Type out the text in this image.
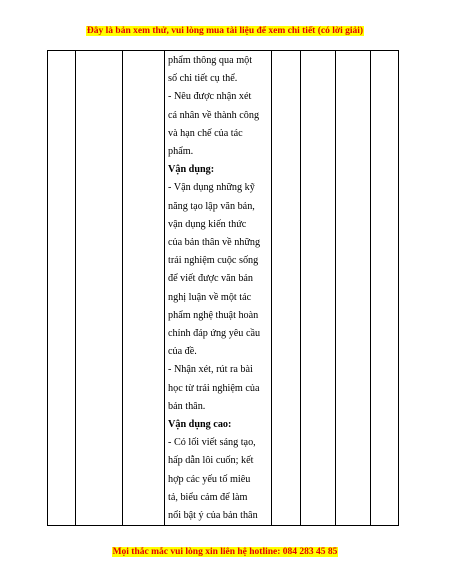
Đây là bản xem thử, vui lòng mua tài liệu để xem chi tiết (có lời giải)

phẩm thông qua một

số chi tiết cụ thể.

- Nêu được nhận xét

cá nhân về thành công

và hạn chế của tác

phẩm.

Vận dụng:

- Vận dụng những kỹ

năng tạo lập văn bản,

vận dụng kiến thức

của bản thân về những

trải nghiệm cuộc sống

để viết được văn bản

nghị luận về một tác

phẩm nghệ thuật hoàn

chỉnh đáp ứng yêu cầu

của đề.

- Nhận xét, rút ra bài

học từ trải nghiệm của

bản thân.

Vận dụng cao:

- Có lối viết sáng tạo,

hấp dẫn lôi cuốn; kết

hợp các yếu tố miêu

tả, biểu cảm để làm

nổi bật ý của bản thân

Mọi thắc mắc vui lòng xin liên hệ hotline: 084 283 45 85
